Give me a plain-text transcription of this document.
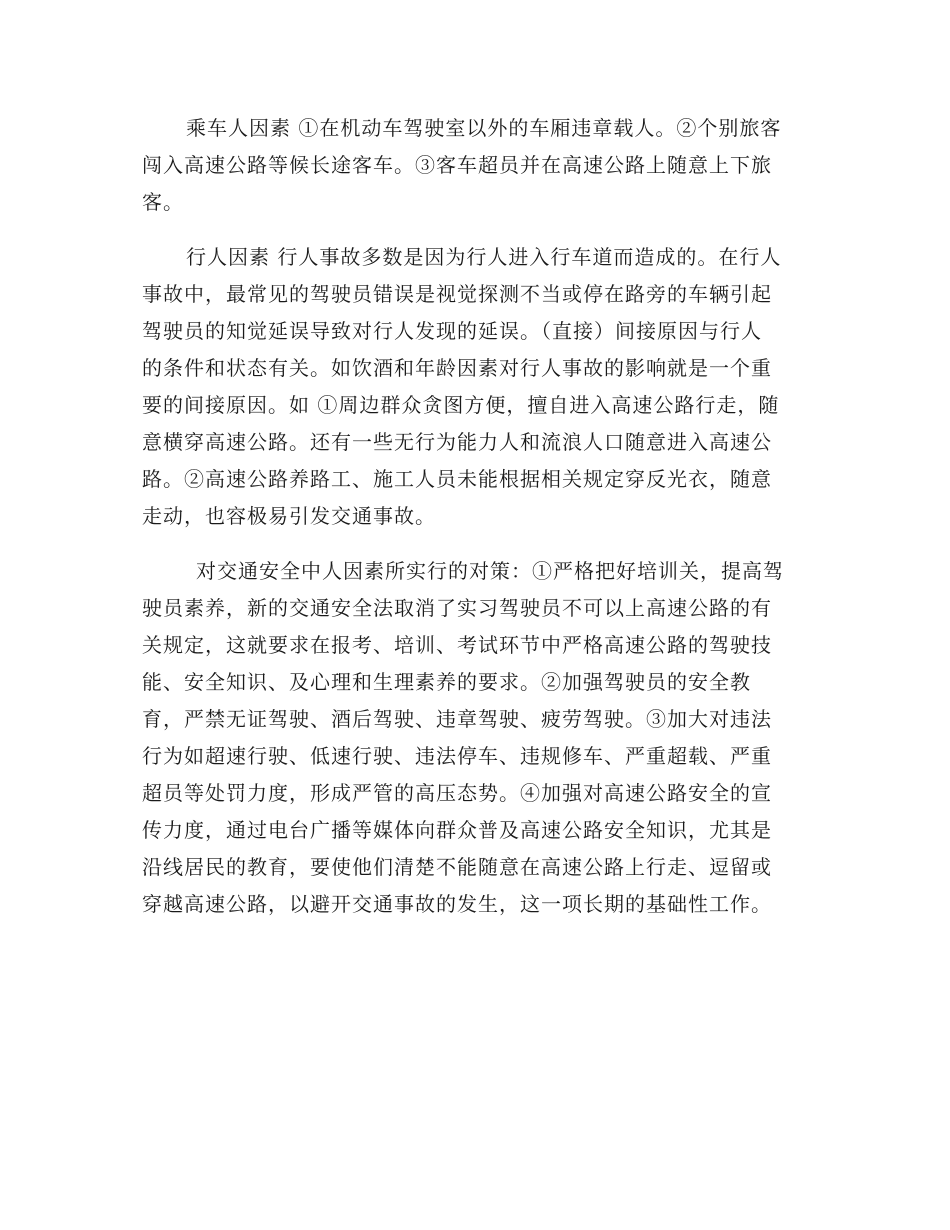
乘车人因素 ①在机动车驾驶室以外的车厢违章载人。②个别旅客
闯入高速公路等候长途客车。③客车超员并在高速公路上随意上下旅
客。
行人因素 行人事故多数是因为行人进入行车道而造成的。在行人
事故中，最常见的驾驶员错误是视觉探测不当或停在路旁的车辆引起
驾驶员的知觉延误导致对行人发现的延误。（直接）间接原因与行人
的条件和状态有关。如饮酒和年龄因素对行人事故的影响就是一个重
要的间接原因。如 ①周边群众贪图方便，擅自进入高速公路行走，随
意横穿高速公路。还有一些无行为能力人和流浪人口随意进入高速公
路。②高速公路养路工、施工人员未能根据相关规定穿反光衣，随意
走动，也容极易引发交通事故。
对交通安全中人因素所实行的对策：①严格把好培训关，提高驾
驶员素养，新的交通安全法取消了实习驾驶员不可以上高速公路的有
关规定，这就要求在报考、培训、考试环节中严格高速公路的驾驶技
能、安全知识、及心理和生理素养的要求。②加强驾驶员的安全教
育，严禁无证驾驶、酒后驾驶、违章驾驶、疲劳驾驶。③加大对违法
行为如超速行驶、低速行驶、违法停车、违规修车、严重超载、严重
超员等处罚力度，形成严管的高压态势。④加强对高速公路安全的宣
传力度，通过电台广播等媒体向群众普及高速公路安全知识，尤其是
沿线居民的教育，要使他们清楚不能随意在高速公路上行走、逗留或
穿越高速公路，以避开交通事故的发生，这一项长期的基础性工作。
